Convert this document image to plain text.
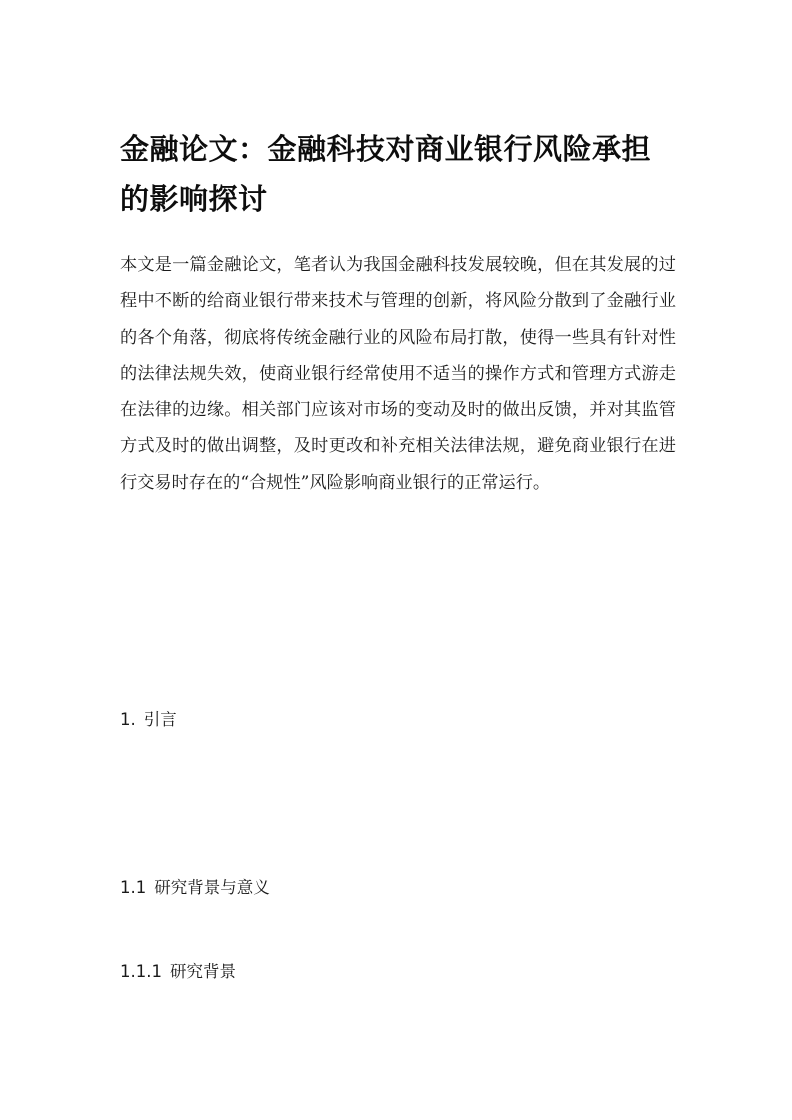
金融论文：金融科技对商业银行风险承担的影响探讨

本文是一篇金融论文，笔者认为我国金融科技发展较晚，但在其发展的过程中不断的给商业银行带来技术与管理的创新，将风险分散到了金融行业的各个角落，彻底将传统金融行业的风险布局打散，使得一些具有针对性的法律法规失效，使商业银行经常使用不适当的操作方式和管理方式游走在法律的边缘。相关部门应该对市场的变动及时的做出反馈，并对其监管方式及时的做出调整，及时更改和补充相关法律法规，避免商业银行在进行交易时存在的“合规性”风险影响商业银行的正常运行。

1. 引言
1.1 研究背景与意义
1.1.1 研究背景
